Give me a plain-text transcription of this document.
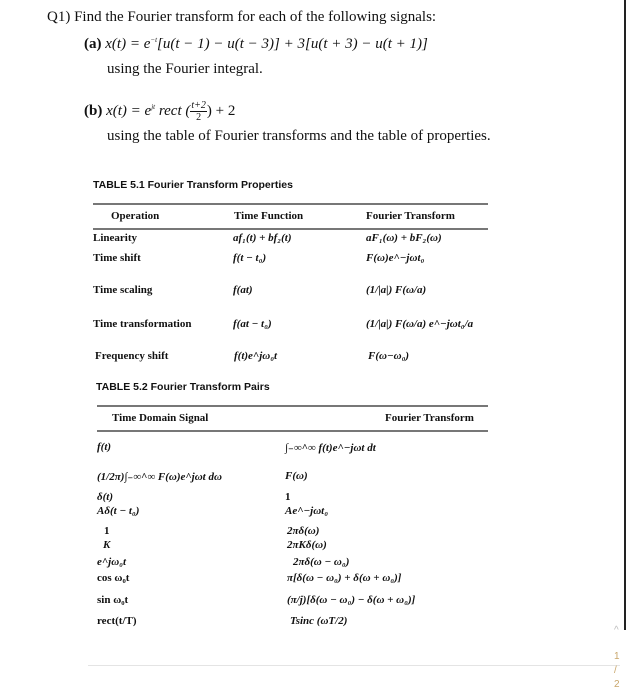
Q1) Find the Fourier transform for each of the following signals:
(a) $x(t) = e^{-t}[u(t - 1) - u(t - 3)] + 3[u(t + 3) - u(t + 1)]$
using the Fourier integral.
(b) $x(t) = e^{jt}$ rect ( $\frac{t+2}{2}$ ) + 2
using the table of Fourier transforms and the table of properties.
TABLE 5.1 Fourier Transform Properties
Operation	Time Function	Fourier Transform
Linearity	af₁(t) + bf₂(t)	aF₁(ω) + bF₂(ω)
Time shift	f(t − t₀)	F(ω)e^−jωt₀
Time scaling	f(at)	(1/|a|) F(ω/a)
Time transformation	f(at − t₀)	(1/|a|) F(ω/a) e^−jωt₀/a
Frequency shift	f(t)e^jω₀t	F(ω−ω₀)
TABLE 5.2 Fourier Transform Pairs
Time Domain Signal	Fourier Transform
f(t)	∫₋∞^∞ f(t)e^−jωt dt
(1/2π)∫₋∞^∞ F(ω)e^jωt dω	F(ω)
δ(t)	1
Aδ(t − t₀)	Ae^−jωt₀
1	2πδ(ω)
K	2πKδ(ω)
e^jω₀t	2πδ(ω − ω₀)
cos ω₀t	π[δ(ω − ω₀) + δ(ω + ω₀)]
sin ω₀t	(π/j)[δ(ω − ω₀) − δ(ω + ω₀)]
rect(t/T)	Tsinc (ωT/2)
^
1
/
2
